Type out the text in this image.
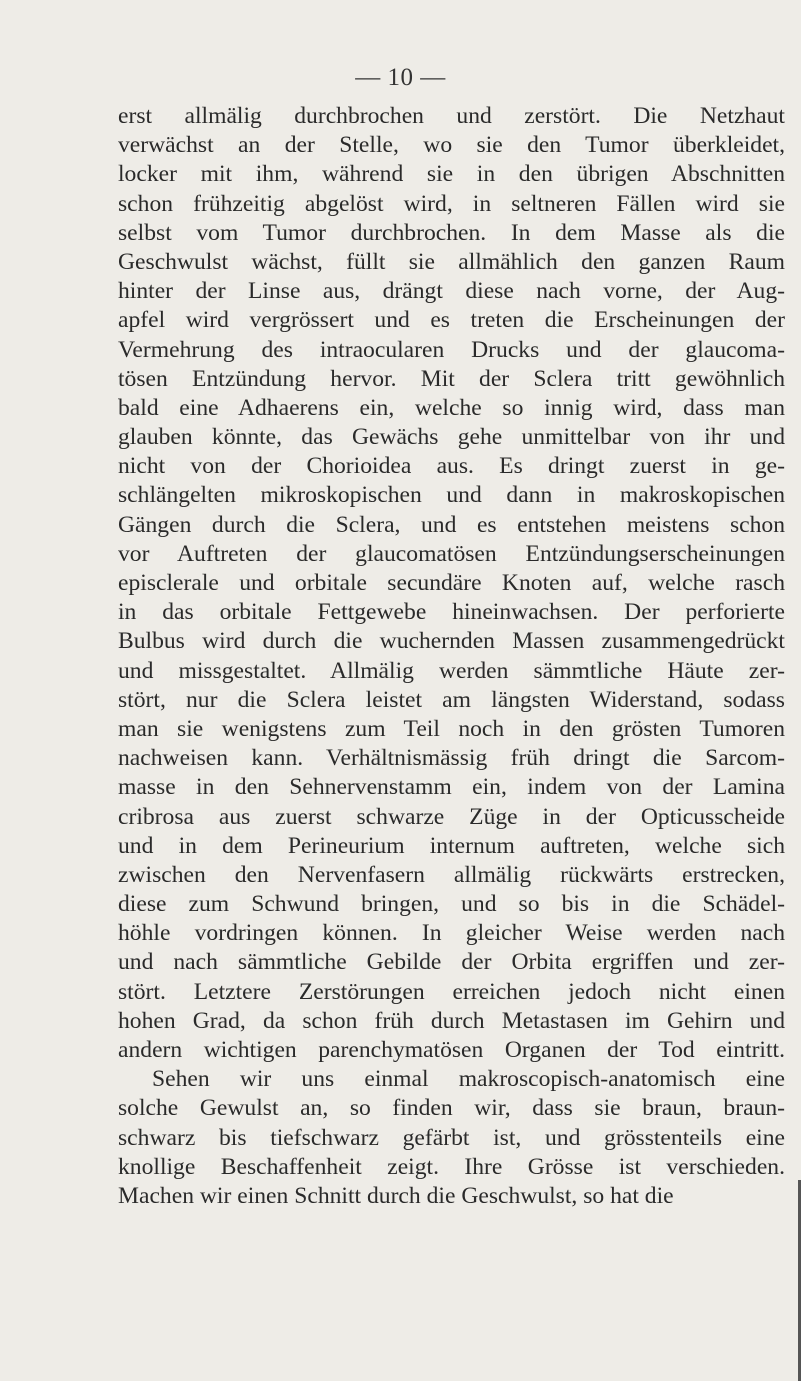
— 10 —
erst allmälig durchbrochen und zerstört. Die Netzhaut
verwächst an der Stelle, wo sie den Tumor überkleidet,
locker mit ihm, während sie in den übrigen Abschnitten
schon frühzeitig abgelöst wird, in seltneren Fällen wird sie
selbst vom Tumor durchbrochen. In dem Masse als die
Geschwulst wächst, füllt sie allmählich den ganzen Raum
hinter der Linse aus, drängt diese nach vorne, der Aug-
apfel wird vergrössert und es treten die Erscheinungen der
Vermehrung des intraocularen Drucks und der glaucoma-
tösen Entzündung hervor. Mit der Sclera tritt gewöhnlich
bald eine Adhaerens ein, welche so innig wird, dass man
glauben könnte, das Gewächs gehe unmittelbar von ihr und
nicht von der Chorioidea aus. Es dringt zuerst in ge-
schlängelten mikroskopischen und dann in makroskopischen
Gängen durch die Sclera, und es entstehen meistens schon
vor Auftreten der glaucomatösen Entzündungserscheinungen
episclerale und orbitale secundäre Knoten auf, welche rasch
in das orbitale Fettgewebe hineinwachsen. Der perforierte
Bulbus wird durch die wuchernden Massen zusammengedrückt
und missgestaltet. Allmälig werden sämmtliche Häute zer-
stört, nur die Sclera leistet am längsten Widerstand, sodass
man sie wenigstens zum Teil noch in den grösten Tumoren
nachweisen kann. Verhältnismässig früh dringt die Sarcom-
masse in den Sehnervenstamm ein, indem von der Lamina
cribrosa aus zuerst schwarze Züge in der Opticusscheide
und in dem Perineurium internum auftreten, welche sich
zwischen den Nervenfasern allmälig rückwärts erstrecken,
diese zum Schwund bringen, und so bis in die Schädel-
höhle vordringen können. In gleicher Weise werden nach
und nach sämmtliche Gebilde der Orbita ergriffen und zer-
stört. Letztere Zerstörungen erreichen jedoch nicht einen
hohen Grad, da schon früh durch Metastasen im Gehirn und
andern wichtigen parenchymatösen Organen der Tod eintritt.
Sehen wir uns einmal makroscopisch-anatomisch eine
solche Gewulst an, so finden wir, dass sie braun, braun-
schwarz bis tiefschwarz gefärbt ist, und grösstenteils eine
knollige Beschaffenheit zeigt. Ihre Grösse ist verschieden.
Machen wir einen Schnitt durch die Geschwulst, so hat die
